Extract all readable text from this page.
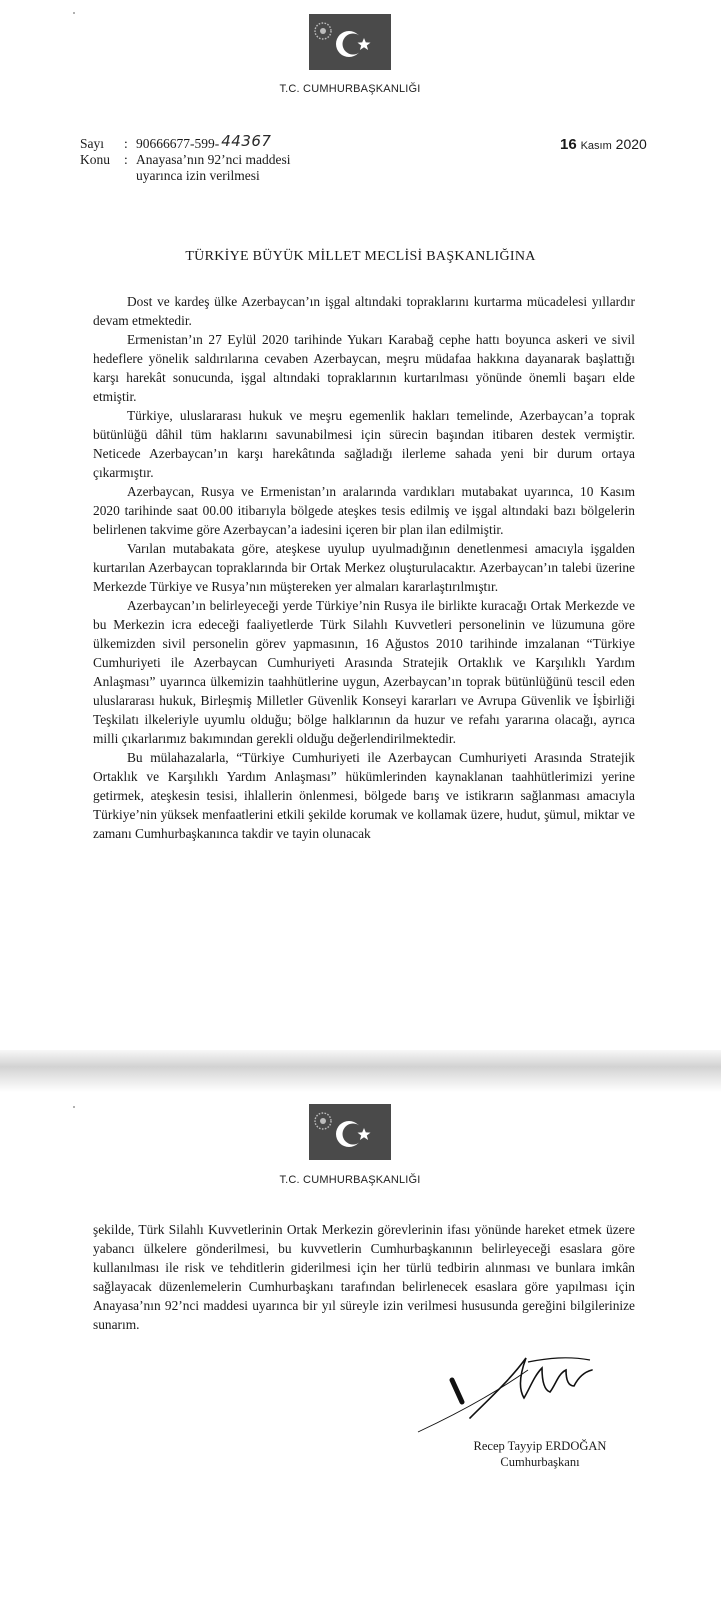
T.C. CUMHURBAŞKANLIĞI
Sayı	: 90666677-599- 44367
Konu	: Anayasa’nın 92’nci maddesi
uyarınca izin verilmesi
16 Kasım 2020
TÜRKİYE BÜYÜK MİLLET MECLİSİ BAŞKANLIĞINA

Dost ve kardeş ülke Azerbaycan’ın işgal altındaki topraklarını kurtarma mücadelesi yıllardır devam etmektedir.

Ermenistan’ın 27 Eylül 2020 tarihinde Yukarı Karabağ cephe hattı boyunca askeri ve sivil hedeflere yönelik saldırılarına cevaben Azerbaycan, meşru müdafaa hakkına dayanarak başlattığı karşı harekât sonucunda, işgal altındaki topraklarının kurtarılması yönünde önemli başarı elde etmiştir.

Türkiye, uluslararası hukuk ve meşru egemenlik hakları temelinde, Azerbaycan’a toprak bütünlüğü dâhil tüm haklarını savunabilmesi için sürecin başından itibaren destek vermiştir. Neticede Azerbaycan’ın karşı harekâtında sağladığı ilerleme sahada yeni bir durum ortaya çıkarmıştır.

Azerbaycan, Rusya ve Ermenistan’ın aralarında vardıkları mutabakat uyarınca, 10 Kasım 2020 tarihinde saat 00.00 itibarıyla bölgede ateşkes tesis edilmiş ve işgal altındaki bazı bölgelerin belirlenen takvime göre Azerbaycan’a iadesini içeren bir plan ilan edilmiştir.

Varılan mutabakata göre, ateşkese uyulup uyulmadığının denetlenmesi amacıyla işgalden kurtarılan Azerbaycan topraklarında bir Ortak Merkez oluşturulacaktır. Azerbaycan’ın talebi üzerine Merkezde Türkiye ve Rusya’nın müştereken yer almaları kararlaştırılmıştır.

Azerbaycan’ın belirleyeceği yerde Türkiye’nin Rusya ile birlikte kuracağı Ortak Merkezde ve bu Merkezin icra edeceği faaliyetlerde Türk Silahlı Kuvvetleri personelinin ve lüzumuna göre ülkemizden sivil personelin görev yapmasının, 16 Ağustos 2010 tarihinde imzalanan “Türkiye Cumhuriyeti ile Azerbaycan Cumhuriyeti Arasında Stratejik Ortaklık ve Karşılıklı Yardım Anlaşması” uyarınca ülkemizin taahhütlerine uygun, Azerbaycan’ın toprak bütünlüğünü tescil eden uluslararası hukuk, Birleşmiş Milletler Güvenlik Konseyi kararları ve Avrupa Güvenlik ve İşbirliği Teşkilatı ilkeleriyle uyumlu olduğu; bölge halklarının da huzur ve refahı yararına olacağı, ayrıca milli çıkarlarımız bakımından gerekli olduğu değerlendirilmektedir.

Bu mülahazalarla, “Türkiye Cumhuriyeti ile Azerbaycan Cumhuriyeti Arasında Stratejik Ortaklık ve Karşılıklı Yardım Anlaşması” hükümlerinden kaynaklanan taahhütlerimizi yerine getirmek, ateşkesin tesisi, ihlallerin önlenmesi, bölgede barış ve istikrarın sağlanması amacıyla Türkiye’nin yüksek menfaatlerini etkili şekilde korumak ve kollamak üzere, hudut, şümul, miktar ve zamanı Cumhurbaşkanınca takdir ve tayin olunacak

T.C. CUMHURBAŞKANLIĞI

şekilde, Türk Silahlı Kuvvetlerinin Ortak Merkezin görevlerinin ifası yönünde hareket etmek üzere yabancı ülkelere gönderilmesi, bu kuvvetlerin Cumhurbaşkanının belirleyeceği esaslara göre kullanılması ile risk ve tehditlerin giderilmesi için her türlü tedbirin alınması ve bunlara imkân sağlayacak düzenlemelerin Cumhurbaşkanı tarafından belirlenecek esaslara göre yapılması için Anayasa’nın 92’nci maddesi uyarınca bir yıl süreyle izin verilmesi hususunda gereğini bilgilerinize sunarım.

Recep Tayyip ERDOĞAN
Cumhurbaşkanı
